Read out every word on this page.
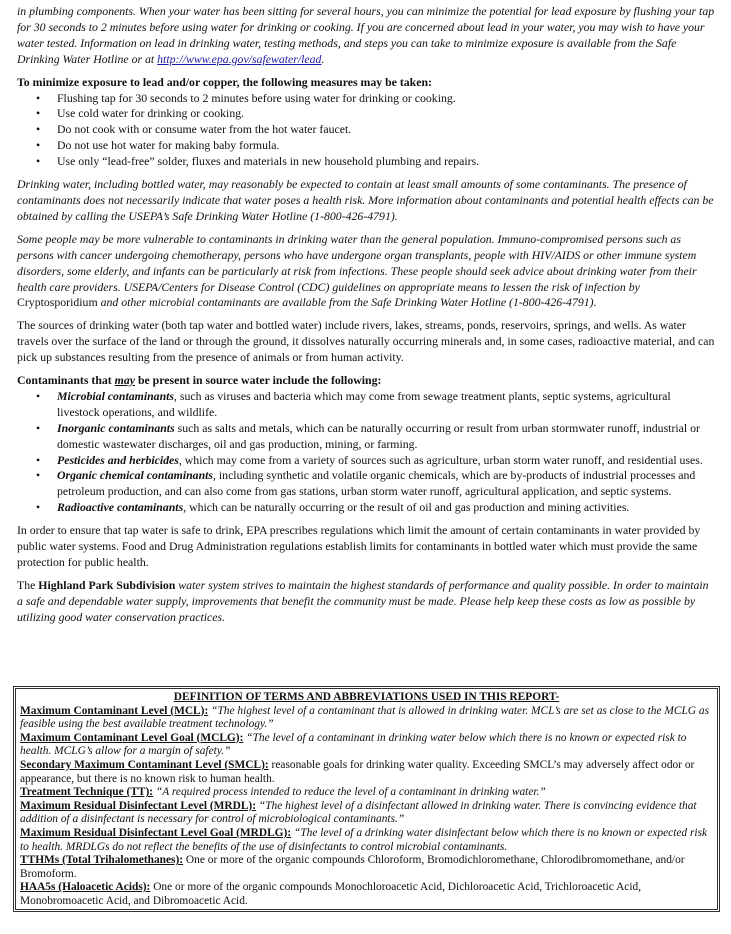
in plumbing components. When your water has been sitting for several hours, you can minimize the potential for lead exposure by flushing your tap for 30 seconds to 2 minutes before using water for drinking or cooking. If you are concerned about lead in your water, you may wish to have your water tested. Information on lead in drinking water, testing methods, and steps you can take to minimize exposure is available from the Safe Drinking Water Hotline or at http://www.epa.gov/safewater/lead.

To minimize exposure to lead and/or copper, the following measures may be taken:

• Flushing tap for 30 seconds to 2 minutes before using water for drinking or cooking.
• Use cold water for drinking or cooking.
• Do not cook with or consume water from the hot water faucet.
• Do not use hot water for making baby formula.
• Use only “lead-free” solder, fluxes and materials in new household plumbing and repairs.

Drinking water, including bottled water, may reasonably be expected to contain at least small amounts of some contaminants. The presence of contaminants does not necessarily indicate that water poses a health risk. More information about contaminants and potential health effects can be obtained by calling the USEPA’s Safe Drinking Water Hotline (1-800-426-4791).

Some people may be more vulnerable to contaminants in drinking water than the general population. Immuno-compromised persons such as persons with cancer undergoing chemotherapy, persons who have undergone organ transplants, people with HIV/AIDS or other immune system disorders, some elderly, and infants can be particularly at risk from infections. These people should seek advice about drinking water from their health care providers. USEPA/Centers for Disease Control (CDC) guidelines on appropriate means to lessen the risk of infection by Cryptosporidium and other microbial contaminants are available from the Safe Drinking Water Hotline (1-800-426-4791).

The sources of drinking water (both tap water and bottled water) include rivers, lakes, streams, ponds, reservoirs, springs, and wells. As water travels over the surface of the land or through the ground, it dissolves naturally occurring minerals and, in some cases, radioactive material, and can pick up substances resulting from the presence of animals or from human activity.

Contaminants that may be present in source water include the following:

• Microbial contaminants, such as viruses and bacteria which may come from sewage treatment plants, septic systems, agricultural livestock operations, and wildlife.
• Inorganic contaminants such as salts and metals, which can be naturally occurring or result from urban stormwater runoff, industrial or domestic wastewater discharges, oil and gas production, mining, or farming.
• Pesticides and herbicides, which may come from a variety of sources such as agriculture, urban storm water runoff, and residential uses.
• Organic chemical contaminants, including synthetic and volatile organic chemicals, which are by-products of industrial processes and petroleum production, and can also come from gas stations, urban storm water runoff, agricultural application, and septic systems.
• Radioactive contaminants, which can be naturally occurring or the result of oil and gas production and mining activities.

In order to ensure that tap water is safe to drink, EPA prescribes regulations which limit the amount of certain contaminants in water provided by public water systems. Food and Drug Administration regulations establish limits for contaminants in bottled water which must provide the same protection for public health.

The Highland Park Subdivision water system strives to maintain the highest standards of performance and quality possible. In order to maintain a safe and dependable water supply, improvements that benefit the community must be made. Please help keep these costs as low as possible by utilizing good water conservation practices.

DEFINITION OF TERMS AND ABBREVIATIONS USED IN THIS REPORT-

Maximum Contaminant Level (MCL): “The highest level of a contaminant that is allowed in drinking water. MCL’s are set as close to the MCLG as feasible using the best available treatment technology.”

Maximum Contaminant Level Goal (MCLG): “The level of a contaminant in drinking water below which there is no known or expected risk to health. MCLG’s allow for a margin of safety.”

Secondary Maximum Contaminant Level (SMCL): reasonable goals for drinking water quality. Exceeding SMCL’s may adversely affect odor or appearance, but there is no known risk to human health.

Treatment Technique (TT): “A required process intended to reduce the level of a contaminant in drinking water.”

Maximum Residual Disinfectant Level (MRDL): “The highest level of a disinfectant allowed in drinking water. There is convincing evidence that addition of a disinfectant is necessary for control of microbiological contaminants.”

Maximum Residual Disinfectant Level Goal (MRDLG): “The level of a drinking water disinfectant below which there is no known or expected risk to health. MRDLGs do not reflect the benefits of the use of disinfectants to control microbial contaminants.

TTHMs (Total Trihalomethanes): One or more of the organic compounds Chloroform, Bromodichloromethane, Chlorodibromomethane, and/or Bromoform.

HAA5s (Haloacetic Acids): One or more of the organic compounds Monochloroacetic Acid, Dichloroacetic Acid, Trichloroacetic Acid, Monobromoacetic Acid, and Dibromoacetic Acid.
